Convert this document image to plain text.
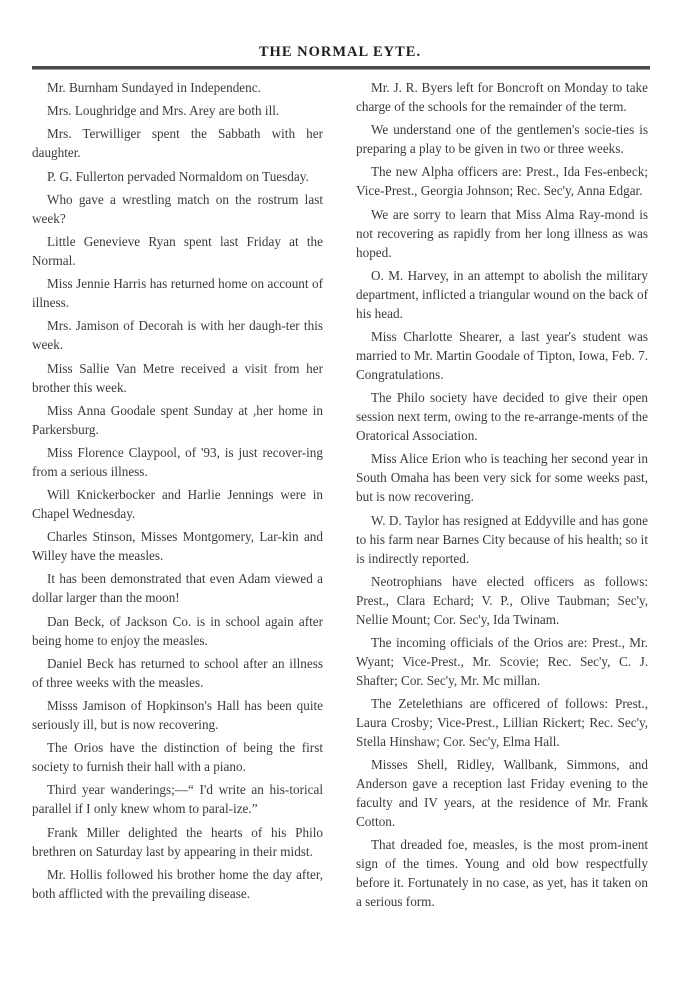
THE NORMAL EYTE.

Mr. Burnham Sundayed in Independenc.

Mrs. Loughridge and Mrs. Arey are both ill.

Mrs. Terwilliger spent the Sabbath with her daughter.

P. G. Fullerton pervaded Normaldom on Tuesday.

Who gave a wrestling match on the rostrum last week?

Little Genevieve Ryan spent last Friday at the Normal.

Miss Jennie Harris has returned home on account of illness.

Mrs. Jamison of Decorah is with her daugh-ter this week.

Miss Sallie Van Metre received a visit from her brother this week.

Miss Anna Goodale spent Sunday at ,her home in Parkersburg.

Miss Florence Claypool, of '93, is just recover-ing from a serious illness.

Will Knickerbocker and Harlie Jennings were in Chapel Wednesday.

Charles Stinson, Misses Montgomery, Lar-kin and Willey have the measles.

It has been demonstrated that even Adam viewed a dollar larger than the moon!

Dan Beck, of Jackson Co. is in school again after being home to enjoy the measles.

Daniel Beck has returned to school after an illness of three weeks with the measles.

Misss Jamison of Hopkinson's Hall has been quite seriously ill, but is now recovering.

The Orios have the distinction of being the first society to furnish their hall with a piano.

Third year wanderings;—“ I'd write an his-torical parallel if I only knew whom to paral-ize.”

Frank Miller delighted the hearts of his Philo brethren on Saturday last by appearing in their midst.

Mr. Hollis followed his brother home the day after, both afflicted with the prevailing disease.

Mr. J. R. Byers left for Boncroft on Monday to take charge of the schools for the remainder of the term.

We understand one of the gentlemen's socie-ties is preparing a play to be given in two or three weeks.

The new Alpha officers are: Prest., Ida Fes-enbeck; Vice-Prest., Georgia Johnson; Rec. Sec'y, Anna Edgar.

We are sorry to learn that Miss Alma Ray-mond is not recovering as rapidly from her long illness as was hoped.

O. M. Harvey, in an attempt to abolish the military department, inflicted a triangular wound on the back of his head.

Miss Charlotte Shearer, a last year's student was married to Mr. Martin Goodale of Tipton, Iowa, Feb. 7. Congratulations.

The Philo society have decided to give their open session next term, owing to the re-arrange-ments of the Oratorical Association.

Miss Alice Erion who is teaching her second year in South Omaha has been very sick for some weeks past, but is now recovering.

W. D. Taylor has resigned at Eddyville and has gone to his farm near Barnes City because of his health; so it is indirectly reported.

Neotrophians have elected officers as follows: Prest., Clara Echard; V. P., Olive Taubman; Sec'y, Nellie Mount; Cor. Sec'y, Ida Twinam.

The incoming officials of the Orios are: Prest., Mr. Wyant; Vice-Prest., Mr. Scovie; Rec. Sec'y, C. J. Shafter; Cor. Sec'y, Mr. Mc millan.

The Zetelethians are officered of follows: Prest., Laura Crosby; Vice-Prest., Lillian Rickert; Rec. Sec'y, Stella Hinshaw; Cor. Sec'y, Elma Hall.

Misses Shell, Ridley, Wallbank, Simmons, and Anderson gave a reception last Friday evening to the faculty and IV years, at the residence of Mr. Frank Cotton.

That dreaded foe, measles, is the most prom-inent sign of the times. Young and old bow respectfully before it. Fortunately in no case, as yet, has it taken on a serious form.
